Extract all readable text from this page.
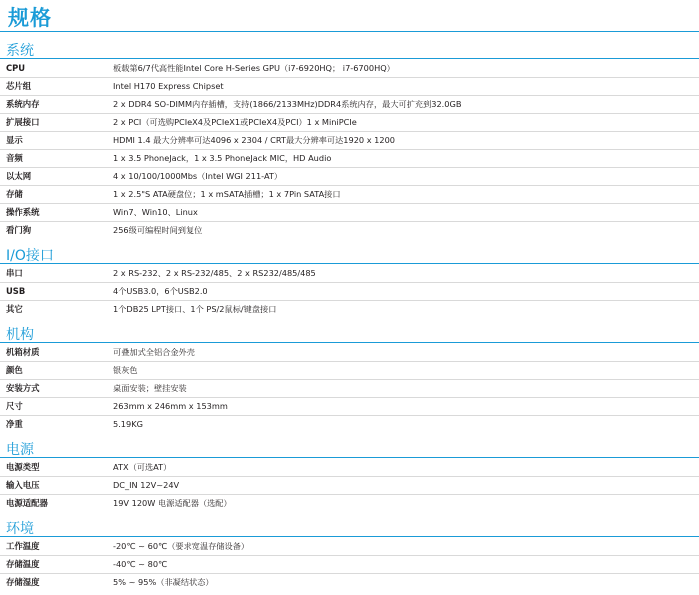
规格
系统
CPU	板载第6/7代高性能Intel Core H-Series GPU（i7-6920HQ； i7-6700HQ）
芯片组	Intel H170 Express Chipset
系统内存	2 x DDR4 SO-DIMM内存插槽，支持(1866/2133MHz)DDR4系统内存，最大可扩充到32.0GB
扩展接口	2 x PCI（可选购PCIeX4及PCIeX1或PCIeX4及PCI）1 x MiniPCIe
显示	HDMI 1.4 最大分辨率可达4096 x 2304 / CRT最大分辨率可达1920 x 1200
音频	1 x 3.5 PhoneJack，1 x 3.5 PhoneJack MIC，HD Audio
以太网	4 x 10/100/1000Mbs（Intel WGI 211-AT）
存储	1 x 2.5"S ATA硬盘位；1 x mSATA插槽；1 x 7Pin SATA接口
操作系统	Win7、Win10、Linux
看门狗	256级可编程时间到复位
I/O接口
串口	2 x RS-232、2 x RS-232/485、2 x RS232/485/485
USB	4个USB3.0，6个USB2.0
其它	1个DB25 LPT接口、1个 PS/2鼠标/键盘接口
机构
机箱材质	可叠加式全铝合金外壳
颜色	银灰色
安装方式	桌面安装；壁挂安装
尺寸	263mm x 246mm x 153mm
净重	5.19KG
电源
电源类型	ATX（可选AT）
输入电压	DC_IN 12V~24V
电源适配器	19V 120W 电源适配器（选配）
环境
工作温度	-20℃ ~ 60℃（要求宽温存储设备）
存储温度	-40℃ ~ 80℃
存储湿度	5% ~ 95%（非凝结状态）
